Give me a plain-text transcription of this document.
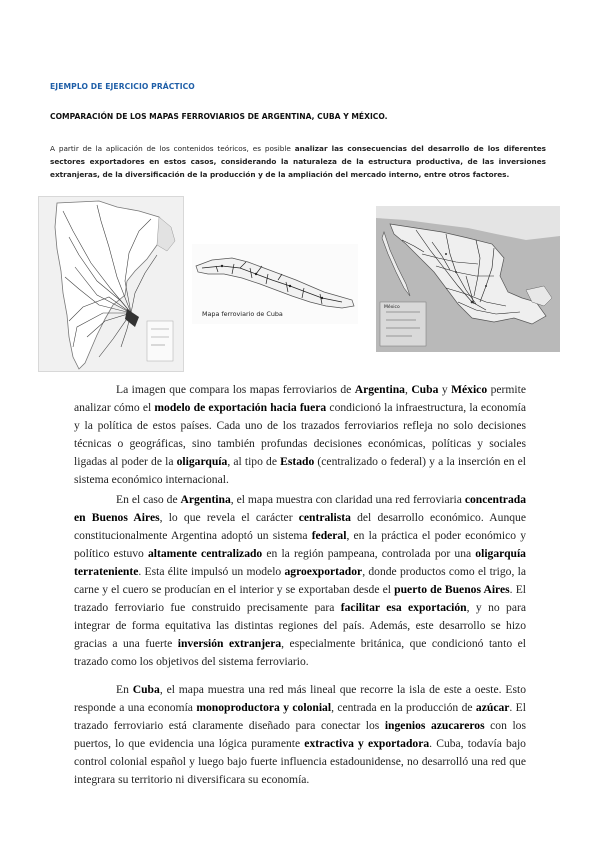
EJEMPLO DE EJERCICIO PRÁCTICO
COMPARACIÓN DE LOS MAPAS FERROVIARIOS DE ARGENTINA, CUBA Y MÉXICO.
A partir de la aplicación de los contenidos teóricos, es posible analizar las consecuencias del desarrollo de los diferentes sectores exportadores en estos casos, considerando la naturaleza de la estructura productiva, de las inversiones extranjeras, de la diversificación de la producción y de la ampliación del mercado interno, entre otros factores.
Mapa ferroviario de Cuba
México
La imagen que compara los mapas ferroviarios de Argentina, Cuba y México permite analizar cómo el modelo de exportación hacia fuera condicionó la infraestructura, la economía y la política de estos países. Cada uno de los trazados ferroviarios refleja no solo decisiones técnicas o geográficas, sino también profundas decisiones económicas, políticas y sociales ligadas al poder de la oligarquía, al tipo de Estado (centralizado o federal) y a la inserción en el sistema económico internacional.
En el caso de Argentina, el mapa muestra con claridad una red ferroviaria concentrada en Buenos Aires, lo que revela el carácter centralista del desarrollo económico. Aunque constitucionalmente Argentina adoptó un sistema federal, en la práctica el poder económico y político estuvo altamente centralizado en la región pampeana, controlada por una oligarquía terrateniente. Esta élite impulsó un modelo agroexportador, donde productos como el trigo, la carne y el cuero se producían en el interior y se exportaban desde el puerto de Buenos Aires. El trazado ferroviario fue construido precisamente para facilitar esa exportación, y no para integrar de forma equitativa las distintas regiones del país. Además, este desarrollo se hizo gracias a una fuerte inversión extranjera, especialmente británica, que condicionó tanto el trazado como los objetivos del sistema ferroviario.
En Cuba, el mapa muestra una red más lineal que recorre la isla de este a oeste. Esto responde a una economía monoproductora y colonial, centrada en la producción de azúcar. El trazado ferroviario está claramente diseñado para conectar los ingenios azucareros con los puertos, lo que evidencia una lógica puramente extractiva y exportadora. Cuba, todavía bajo control colonial español y luego bajo fuerte influencia estadounidense, no desarrolló una red que integrara su territorio ni diversificara su economía.
